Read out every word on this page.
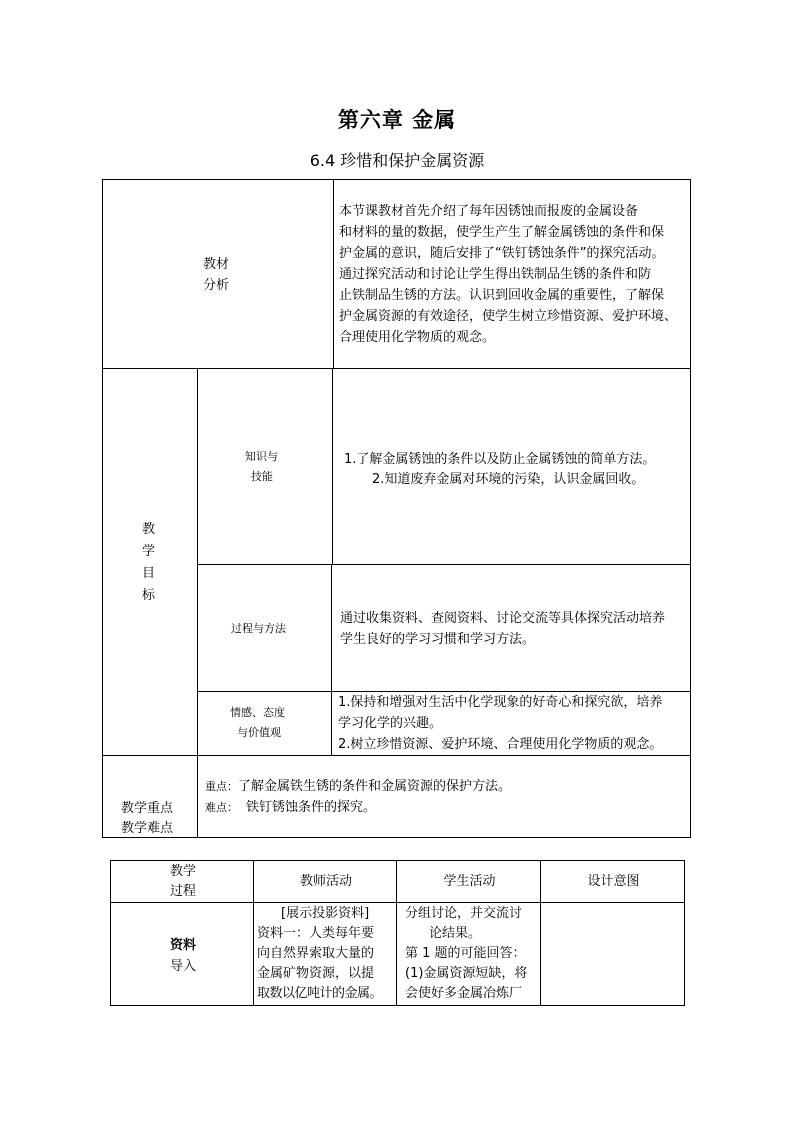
第六章 金属
6.4 珍惜和保护金属资源
教材
分析
本节课教材首先介绍了每年因锈蚀而报废的金属设备
和材料的量的数据，使学生产生了解金属锈蚀的条件和保
护金属的意识，随后安排了“铁钉锈蚀条件”的探究活动。
通过探究活动和讨论让学生得出铁制品生锈的条件和防
止铁制品生锈的方法。认识到回收金属的重要性，了解保
护金属资源的有效途径，使学生树立珍惜资源、爱护环境、
合理使用化学物质的观念。
教
学
目
标
知识与
技能
1.了解金属锈蚀的条件以及防止金属锈蚀的简单方法。
2.知道废弃金属对环境的污染，认识金属回收。
过程与方法
通过收集资料、查阅资料、讨论交流等具体探究活动培养
学生良好的学习习惯和学习方法。
情感、态度
与价值观
1.保持和增强对生活中化学现象的好奇心和探究欲，培养
学习化学的兴趣。
2.树立珍惜资源、爱护环境、合理使用化学物质的观念。
教学重点
教学难点
重点：了解金属铁生锈的条件和金属资源的保护方法。
难点： 铁钉锈蚀条件的探究。
教学
过程
教师活动	学生活动	设计意图
资料
导入
[展示投影资料]
资料一：人类每年要
向自然界索取大量的
金属矿物资源，以提
取数以亿吨计的金属。
分组讨论，并交流讨
论结果。
第 1 题的可能回答：
(1)金属资源短缺，将
会使好多金属冶炼厂
